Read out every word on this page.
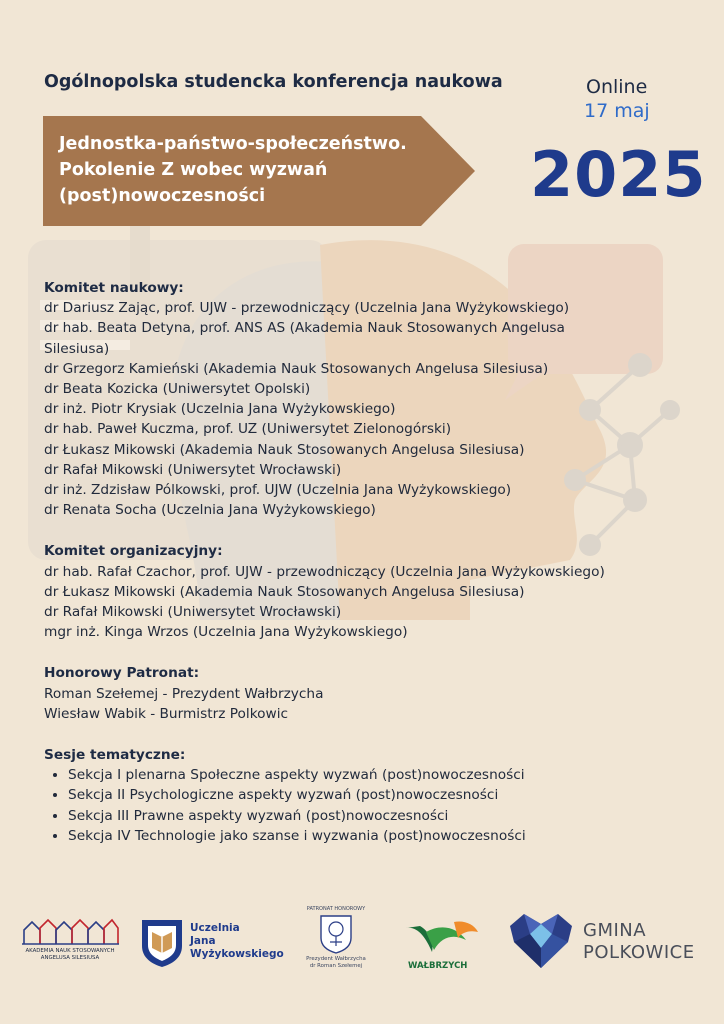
Ogólnopolska studencka konferencja naukowa
Jednostka-państwo-społeczeństwo.
Pokolenie Z wobec wyzwań
(post)nowoczesności
Online
17 maj
2025
Komitet naukowy:
dr Dariusz Zając, prof. UJW - przewodniczący (Uczelnia Jana Wyżykowskiego)
dr hab. Beata Detyna, prof. ANS AS (Akademia Nauk Stosowanych Angelusa
Silesiusa)
dr Grzegorz Kamieński (Akademia Nauk Stosowanych Angelusa Silesiusa)
dr Beata Kozicka (Uniwersytet Opolski)
dr inż. Piotr Krysiak (Uczelnia Jana Wyżykowskiego)
dr hab. Paweł Kuczma, prof. UZ (Uniwersytet Zielonogórski)
dr Łukasz Mikowski (Akademia Nauk Stosowanych Angelusa Silesiusa)
dr Rafał Mikowski (Uniwersytet Wrocławski)
dr inż. Zdzisław Pólkowski, prof. UJW (Uczelnia Jana Wyżykowskiego)
dr Renata Socha (Uczelnia Jana Wyżykowskiego)
Komitet organizacyjny:
dr hab. Rafał Czachor, prof. UJW - przewodniczący (Uczelnia Jana Wyżykowskiego)
dr Łukasz Mikowski (Akademia Nauk Stosowanych Angelusa Silesiusa)
dr Rafał Mikowski (Uniwersytet Wrocławski)
mgr inż. Kinga Wrzos (Uczelnia Jana Wyżykowskiego)
Honorowy Patronat:
Roman Szełemej - Prezydent Wałbrzycha
Wiesław Wabik - Burmistrz Polkowic
Sesje tematyczne:
• Sekcja I plenarna Społeczne aspekty wyzwań (post)nowoczesności
• Sekcja II Psychologiczne aspekty wyzwań (post)nowoczesności
• Sekcja III Prawne aspekty wyzwań (post)nowoczesności
• Sekcja IV Technologie jako szanse i wyzwania (post)nowoczesności
AKADEMIA NAUK STOSOWANYCH
ANGELUSA SILESIUSA
Uczelnia
Jana
Wyżykowskiego
PATRONAT HONOROWY
Prezydent Wałbrzycha
dr Roman Szełemej	WAŁBRZYCH
GMINA
POLKOWICE
